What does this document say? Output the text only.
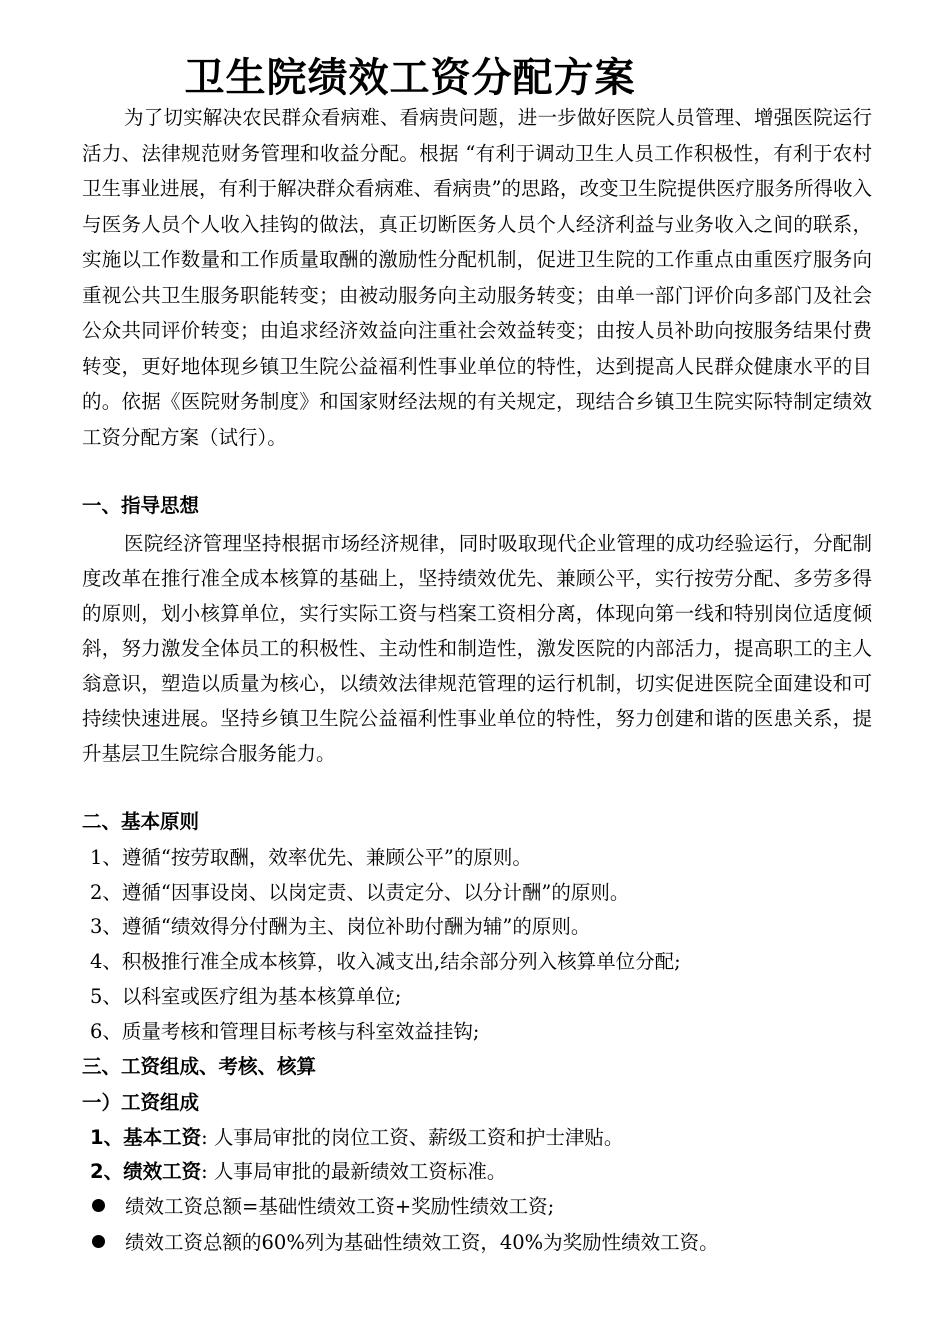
卫生院绩效工资分配方案

为了切实解决农民群众看病难、看病贵问题，进一步做好医院人员管理、增强医院运行活力、法律规范财务管理和收益分配。根据 “有利于调动卫生人员工作积极性，有利于农村卫生事业进展，有利于解决群众看病难、看病贵”的思路，改变卫生院提供医疗服务所得收入与医务人员个人收入挂钩的做法，真正切断医务人员个人经济利益与业务收入之间的联系，实施以工作数量和工作质量取酬的激励性分配机制，促进卫生院的工作重点由重医疗服务向重视公共卫生服务职能转变；由被动服务向主动服务转变；由单一部门评价向多部门及社会公众共同评价转变；由追求经济效益向注重社会效益转变；由按人员补助向按服务结果付费转变，更好地体现乡镇卫生院公益福利性事业单位的特性，达到提高人民群众健康水平的目的。依据《医院财务制度》和国家财经法规的有关规定，现结合乡镇卫生院实际特制定绩效工资分配方案（试行）。

一、指导思想

医院经济管理坚持根据市场经济规律，同时吸取现代企业管理的成功经验运行，分配制度改革在推行准全成本核算的基础上，坚持绩效优先、兼顾公平，实行按劳分配、多劳多得的原则，划小核算单位，实行实际工资与档案工资相分离，体现向第一线和特别岗位适度倾斜，努力激发全体员工的积极性、主动性和制造性，激发医院的内部活力，提高职工的主人翁意识，塑造以质量为核心，以绩效法律规范管理的运行机制，切实促进医院全面建设和可持续快速进展。坚持乡镇卫生院公益福利性事业单位的特性，努力创建和谐的医患关系，提升基层卫生院综合服务能力。

二、基本原则

1、遵循“按劳取酬，效率优先、兼顾公平”的原则。

2、遵循“因事设岗、以岗定责、以责定分、以分计酬”的原则。

3、遵循“绩效得分付酬为主、岗位补助付酬为辅”的原则。

4、积极推行准全成本核算，收入减支出,结余部分列入核算单位分配;

5、以科室或医疗组为基本核算单位;

6、质量考核和管理目标考核与科室效益挂钩;

三、工资组成、考核、核算
一）工资组成

1、基本工资: 人事局审批的岗位工资、薪级工资和护士津贴。

2、绩效工资: 人事局审批的最新绩效工资标准。

绩效工资总额=基础性绩效工资+奖励性绩效工资;

绩效工资总额的60%列为基础性绩效工资，40%为奖励性绩效工资。
